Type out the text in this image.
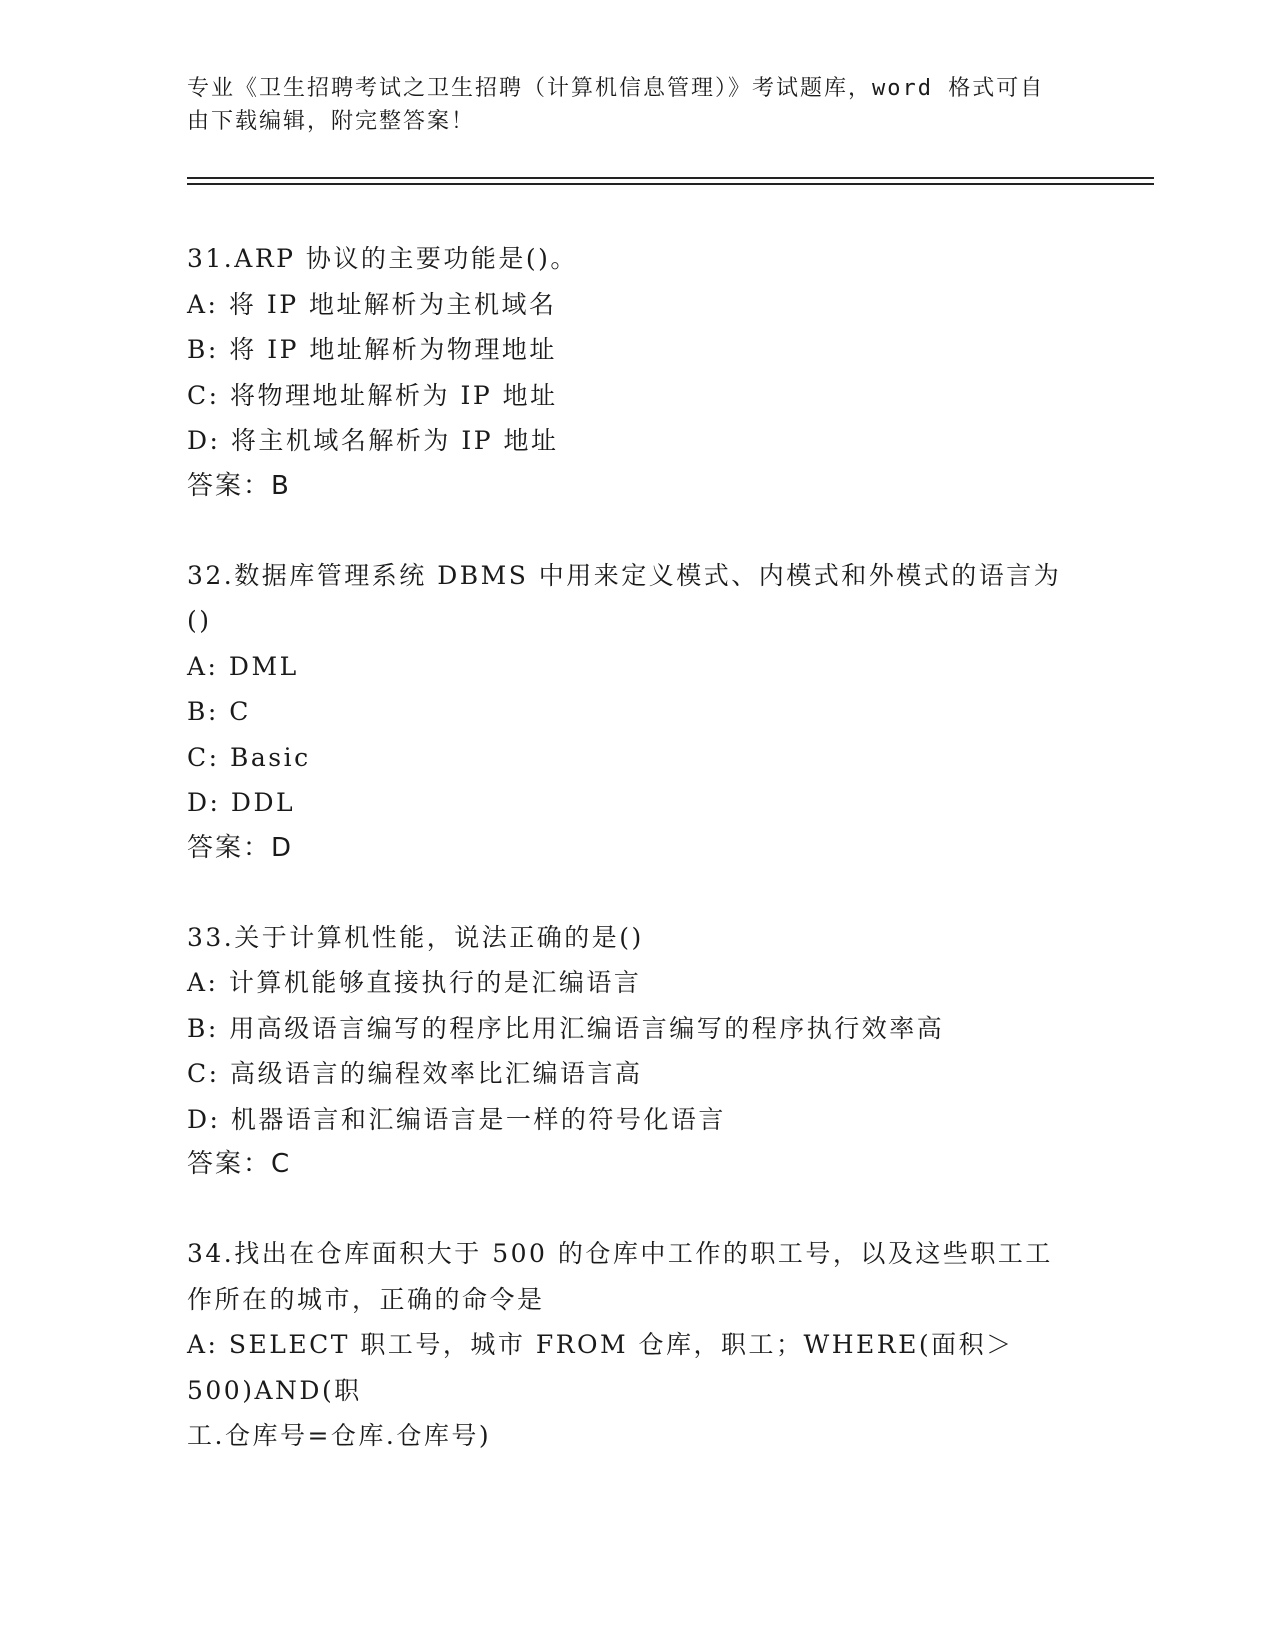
专业《卫生招聘考试之卫生招聘（计算机信息管理）》考试题库，word 格式可自
由下载编辑，附完整答案！
31.ARP 协议的主要功能是()。
A: 将 IP 地址解析为主机域名
B: 将 IP 地址解析为物理地址
C: 将物理地址解析为 IP 地址
D: 将主机域名解析为 IP 地址
答案：B
32.数据库管理系统 DBMS 中用来定义模式、内模式和外模式的语言为
()
A: DML
B: C
C: Basic
D: DDL
答案：D
33.关于计算机性能，说法正确的是()
A: 计算机能够直接执行的是汇编语言
B: 用高级语言编写的程序比用汇编语言编写的程序执行效率高
C: 高级语言的编程效率比汇编语言高
D: 机器语言和汇编语言是一样的符号化语言
答案：C
34.找出在仓库面积大于 500 的仓库中工作的职工号，以及这些职工工
作所在的城市，正确的命令是
A: SELECT 职工号，城市 FROM 仓库，职工；WHERE(面积＞500)AND(职
工.仓库号=仓库.仓库号)
